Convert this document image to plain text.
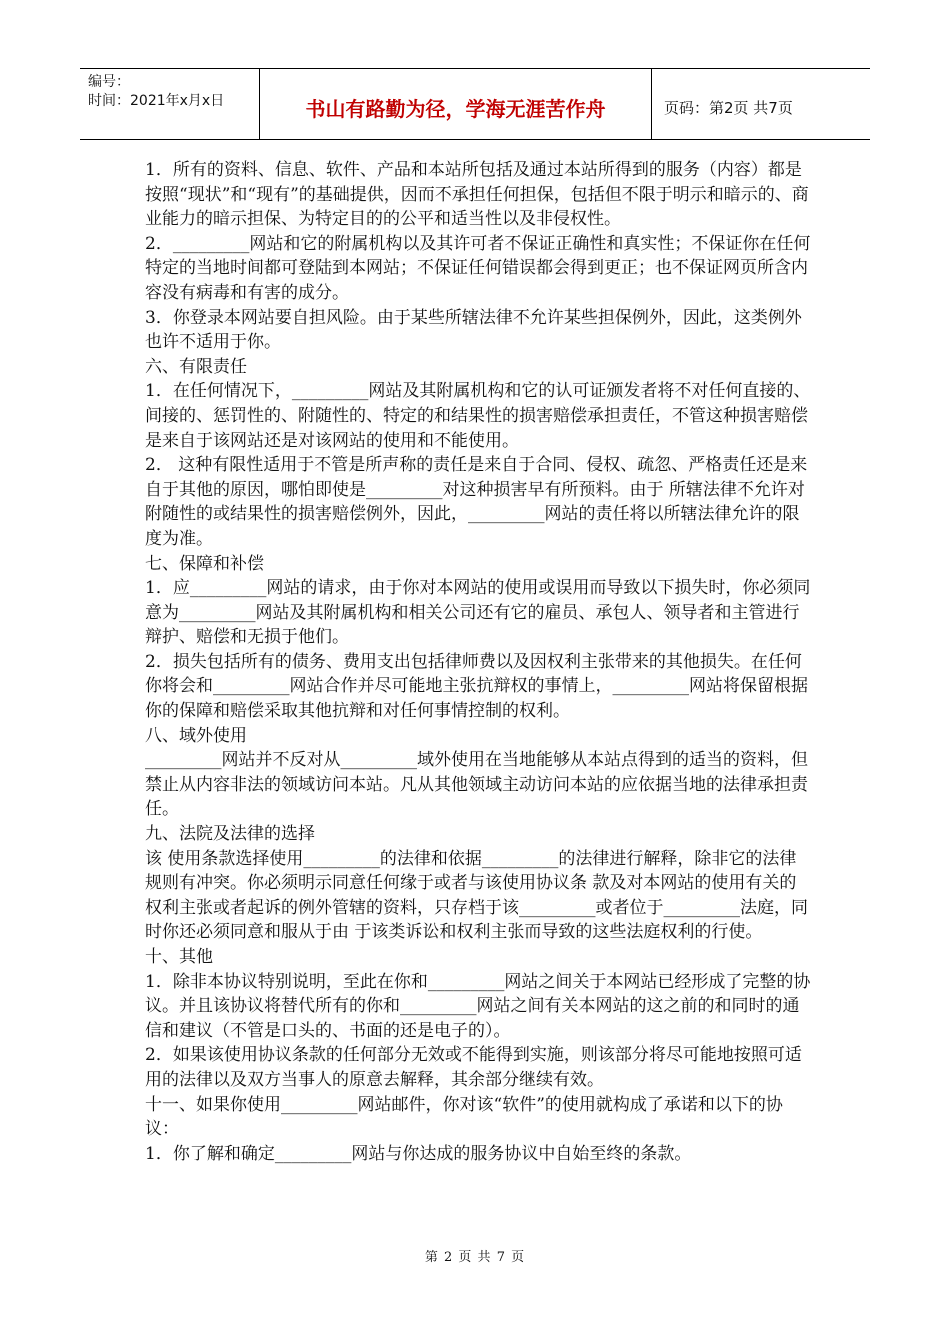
编号：
时间：2021年x月x日	书山有路勤为径，学海无涯苦作舟	页码：第2页 共7页

1．所有的资料、信息、软件、产品和本站所包括及通过本站所得到的服务（内容）都是按照“现状”和“现有”的基础提供，因而不承担任何担保，包括但不限于明示和暗示的、商业能力的暗示担保、为特定目的的公平和适当性以及非侵权性。

2．_________网站和它的附属机构以及其许可者不保证正确性和真实性；不保证你在任何特定的当地时间都可登陆到本网站；不保证任何错误都会得到更正；也不保证网页所含内容没有病毒和有害的成分。

3．你登录本网站要自担风险。由于某些所辖法律不允许某些担保例外，因此，这类例外也许不适用于你。

六、有限责任

1．在任何情况下，_________网站及其附属机构和它的认可证颁发者将不对任何直接的、间接的、惩罚性的、附随性的、特定的和结果性的损害赔偿承担责任，不管这种损害赔偿是来自于该网站还是对该网站的使用和不能使用。

2． 这种有限性适用于不管是所声称的责任是来自于合同、侵权、疏忽、严格责任还是来自于其他的原因，哪怕即使是_________对这种损害早有所预料。由于 所辖法律不允许对附随性的或结果性的损害赔偿例外，因此，_________网站的责任将以所辖法律允许的限度为准。

七、保障和补偿

1．应_________网站的请求，由于你对本网站的使用或误用而导致以下损失时，你必须同意为_________网站及其附属机构和相关公司还有它的雇员、承包人、领导者和主管进行辩护、赔偿和无损于他们。

2．损失包括所有的债务、费用支出包括律师费以及因权利主张带来的其他损失。在任何你将会和_________网站合作并尽可能地主张抗辩权的事情上，_________网站将保留根据你的保障和赔偿采取其他抗辩和对任何事情控制的权利。

八、域外使用

_________网站并不反对从_________域外使用在当地能够从本站点得到的适当的资料，但禁止从内容非法的领域访问本站。凡从其他领域主动访问本站的应依据当地的法律承担责任。

九、法院及法律的选择

该 使用条款选择使用_________的法律和依据_________的法律进行解释，除非它的法律规则有冲突。你必须明示同意任何缘于或者与该使用协议条 款及对本网站的使用有关的权利主张或者起诉的例外管辖的资料，只存档于该_________或者位于_________法庭，同时你还必须同意和服从于由 于该类诉讼和权利主张而导致的这些法庭权利的行使。

十、其他

1．除非本协议特别说明，至此在你和_________网站之间关于本网站已经形成了完整的协议。并且该协议将替代所有的你和_________网站之间有关本网站的这之前的和同时的通信和建议（不管是口头的、书面的还是电子的）。

2．如果该使用协议条款的任何部分无效或不能得到实施，则该部分将尽可能地按照可适用的法律以及双方当事人的原意去解释，其余部分继续有效。

十一、如果你使用_________网站邮件，你对该“软件”的使用就构成了承诺和以下的协议：

1．你了解和确定_________网站与你达成的服务协议中自始至终的条款。

第 2 页 共 7 页
